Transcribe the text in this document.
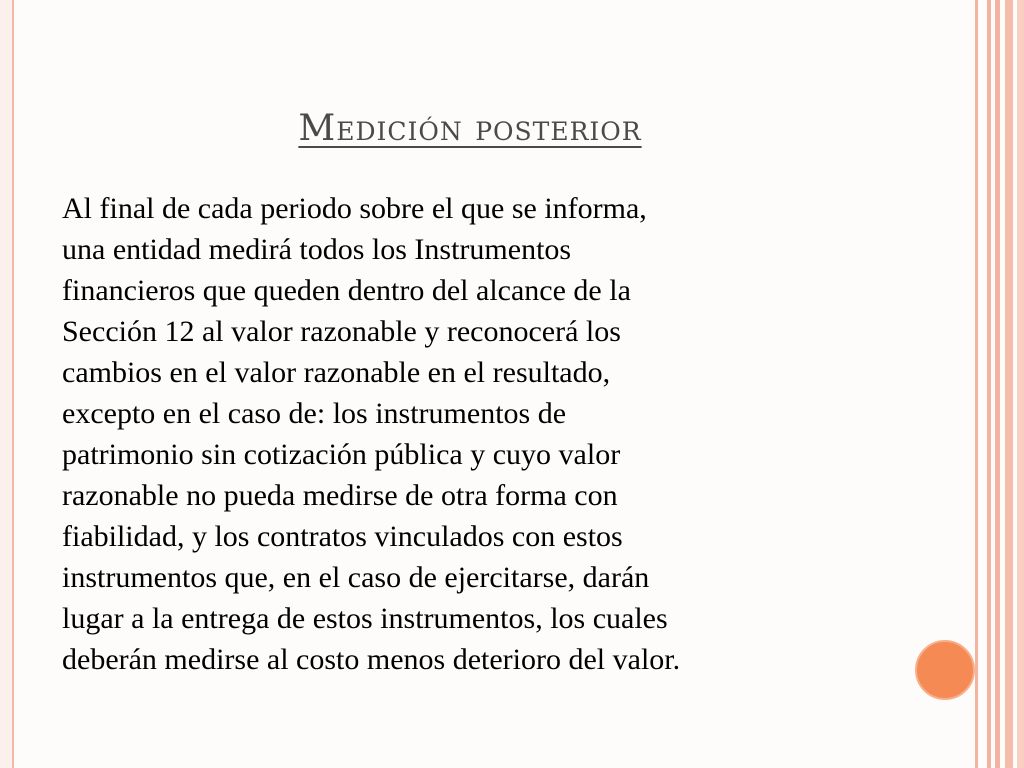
Medición posterior

Al final de cada periodo sobre el que se informa,
una entidad medirá todos los Instrumentos
financieros que queden dentro del alcance de la
Sección 12 al valor razonable y reconocerá los
cambios en el valor razonable en el resultado,
excepto en el caso de: los instrumentos de
patrimonio sin cotización pública y cuyo valor
razonable no pueda medirse de otra forma con
fiabilidad, y los contratos vinculados con estos
instrumentos que, en el caso de ejercitarse, darán
lugar a la entrega de estos instrumentos, los cuales
deberán medirse al costo menos deterioro del valor.
